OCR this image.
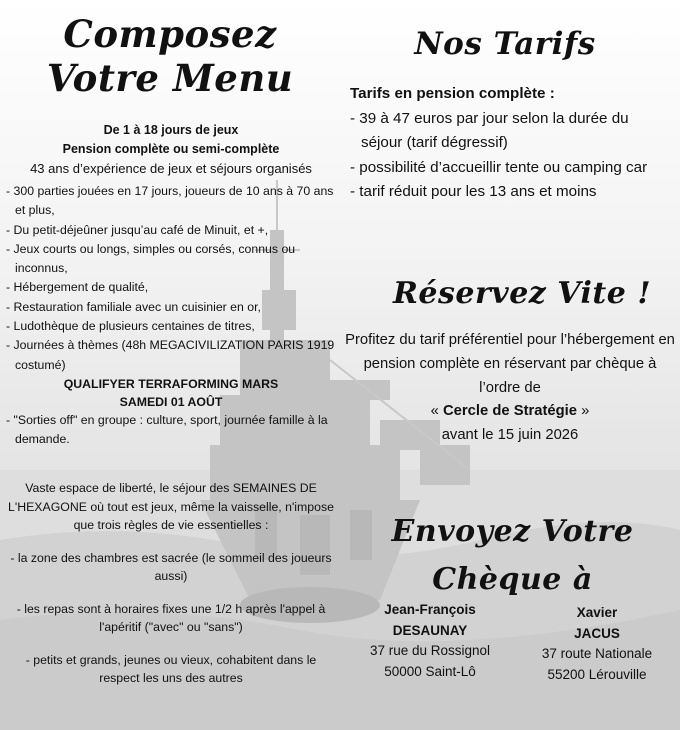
Composez
Votre Menu
De 1 à 18 jours de jeux
Pension complète ou semi-complète
43 ans d’expérience de jeux et séjours organisés
- 300 parties jouées en 17 jours, joueurs de 10 ans à 70 ans et plus,
- Du petit-déjeûner jusqu’au café de Minuit, et +,
- Jeux courts ou longs, simples ou corsés, connus ou inconnus,
- Hébergement de qualité,
- Restauration familiale avec un cuisinier en or,
- Ludothèque de plusieurs centaines de titres,
- Journées à thèmes (48h MEGACIVILIZATION PARIS 1919 costumé)
QUALIFYER TERRAFORMING MARS
SAMEDI 01 AOÛT
- "Sorties off" en groupe : culture, sport, journée famille à la demande.
Vaste espace de liberté, le séjour des SEMAINES DE L'HEXAGONE où tout est jeux, même la vaisselle, n'impose que trois règles de vie essentielles :
- la zone des chambres est sacrée (le sommeil des joueurs aussi)
- les repas sont à horaires fixes une 1/2 h après l'appel à l'apéritif ("avec" ou "sans")
- petits et grands, jeunes ou vieux, cohabitent dans le respect les uns des autres
Nos Tarifs
Tarifs en pension complète :
- 39 à 47 euros par jour selon la durée du séjour (tarif dégressif)
- possibilité d’accueillir tente ou camping car
- tarif réduit pour les 13 ans et moins
Réservez Vite !
Profitez du tarif préférentiel pour l’hébergement en pension complète en réservant par chèque à l’ordre de
« Cercle de Stratégie »
avant le 15 juin 2026
Envoyez Votre
Chèque à
Jean-François
DESAUNAY
37 rue du Rossignol
50000 Saint-Lô
Xavier
JACUS
37 route Nationale
55200 Lérouville
